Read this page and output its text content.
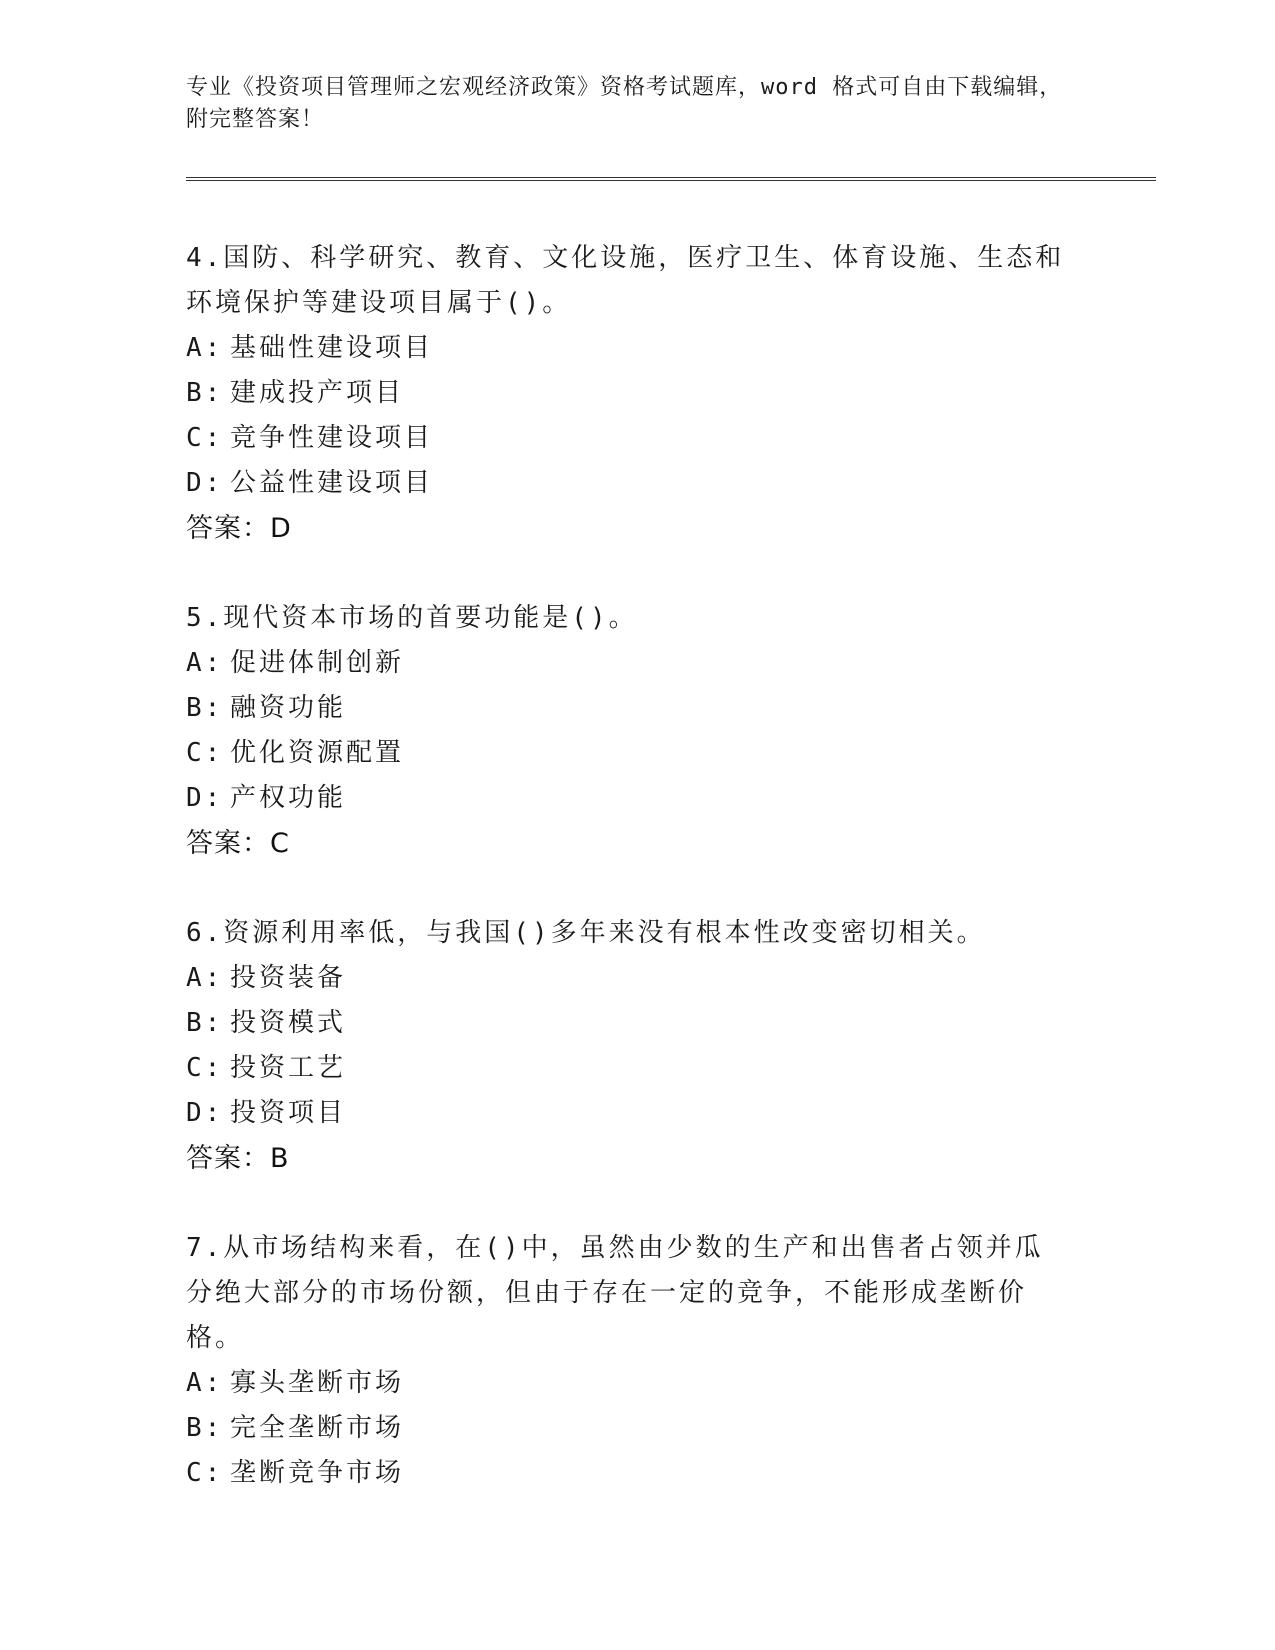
专业《投资项目管理师之宏观经济政策》资格考试题库，word 格式可自由下载编辑，附完整答案！
4.国防、科学研究、教育、文化设施，医疗卫生、体育设施、生态和环境保护等建设项目属于()。
A: 基础性建设项目
B: 建成投产项目
C: 竞争性建设项目
D: 公益性建设项目
答案：D
5.现代资本市场的首要功能是()。
A: 促进体制创新
B: 融资功能
C: 优化资源配置
D: 产权功能
答案：C
6.资源利用率低，与我国()多年来没有根本性改变密切相关。
A: 投资装备
B: 投资模式
C: 投资工艺
D: 投资项目
答案：B
7.从市场结构来看，在()中，虽然由少数的生产和出售者占领并瓜分绝大部分的市场份额，但由于存在一定的竞争，不能形成垄断价格。
A: 寡头垄断市场
B: 完全垄断市场
C: 垄断竞争市场
